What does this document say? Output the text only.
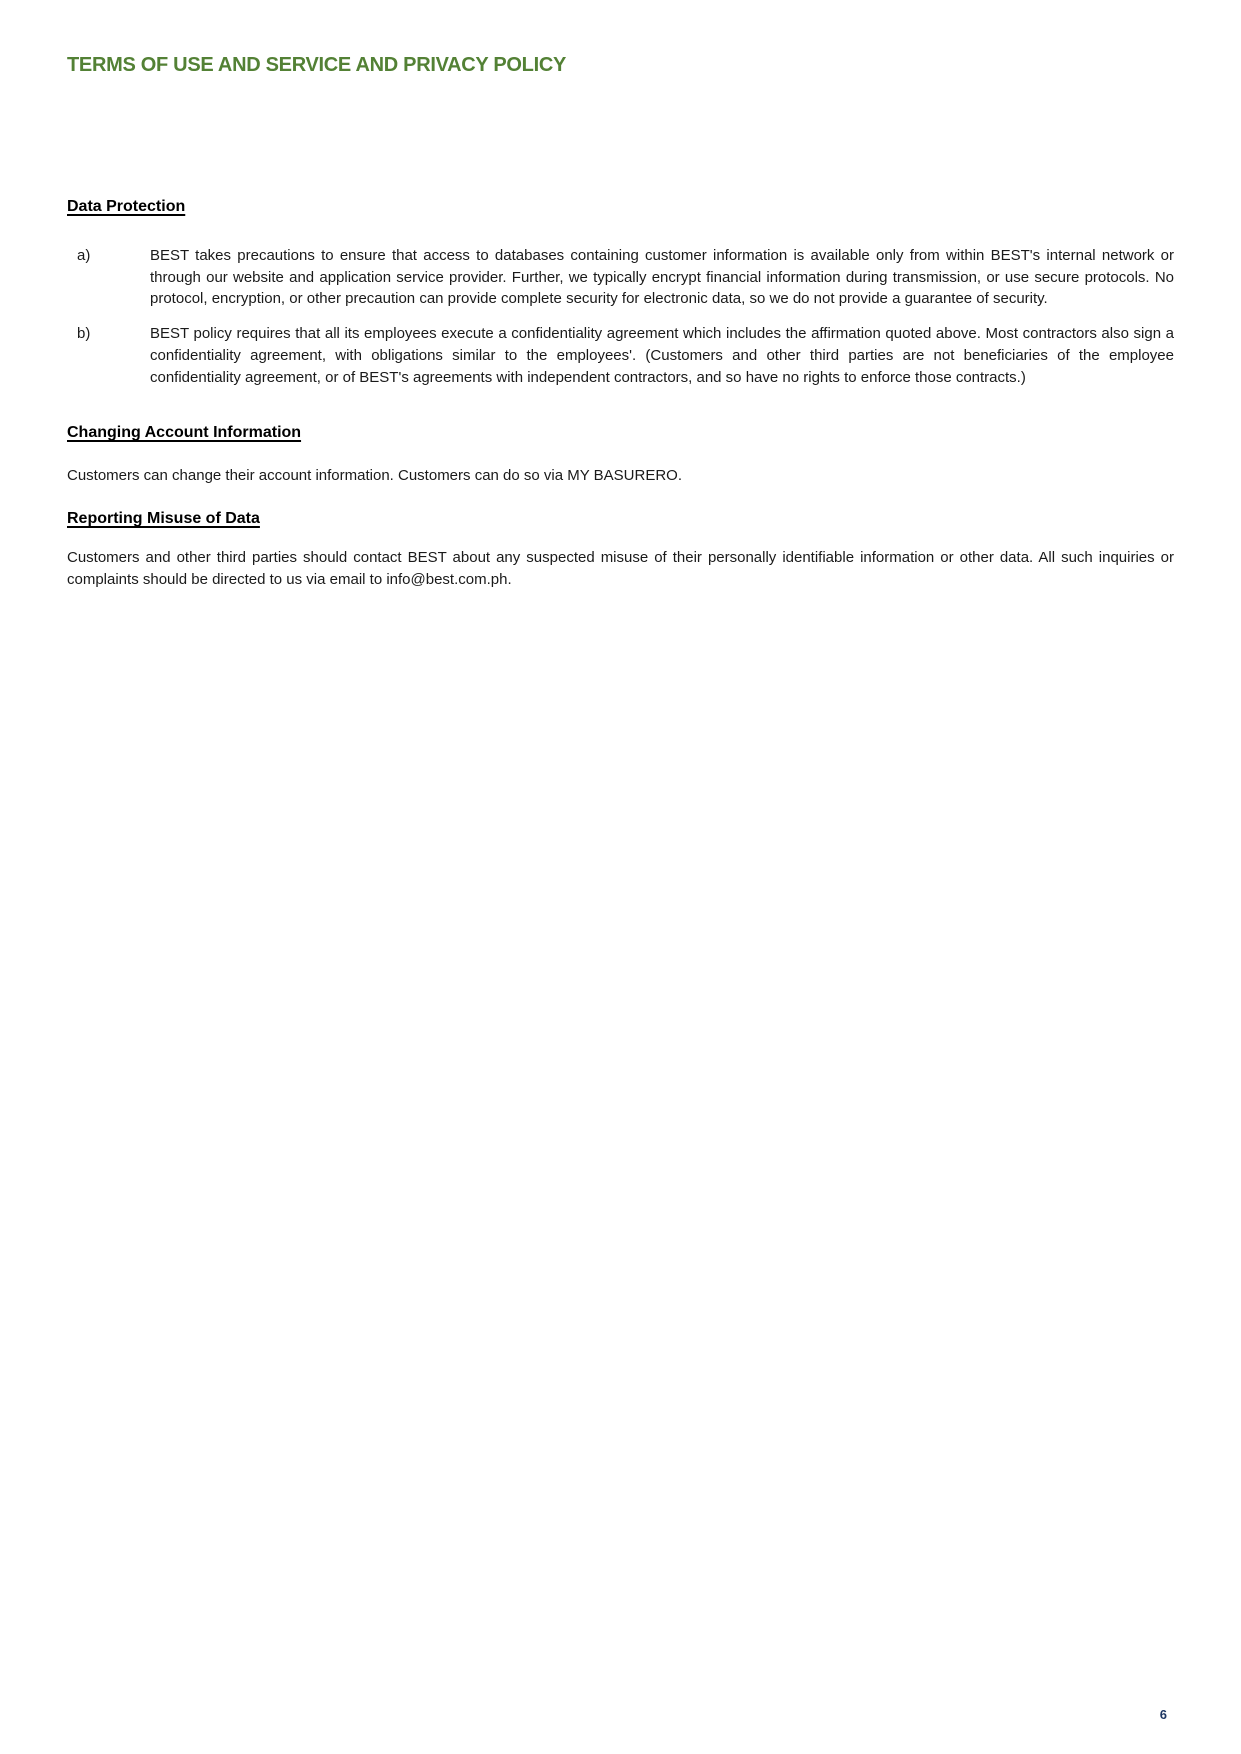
TERMS OF USE AND SERVICE AND PRIVACY POLICY
Data Protection
a)	BEST takes precautions to ensure that access to databases containing customer information is available only from within BEST's internal network or through our website and application service provider. Further, we typically encrypt financial information during transmission, or use secure protocols. No protocol, encryption, or other precaution can provide complete security for electronic data, so we do not provide a guarantee of security.
b)	BEST policy requires that all its employees execute a confidentiality agreement which includes the affirmation quoted above. Most contractors also sign a confidentiality agreement, with obligations similar to the employees'. (Customers and other third parties are not beneficiaries of the employee confidentiality agreement, or of BEST's agreements with independent contractors, and so have no rights to enforce those contracts.)
Changing Account Information

Customers can change their account information. Customers can do so via MY BASURERO.

Reporting Misuse of Data

Customers and other third parties should contact BEST about any suspected misuse of their personally identifiable information or other data. All such inquiries or complaints should be directed to us via email to info@best.com.ph.

6
